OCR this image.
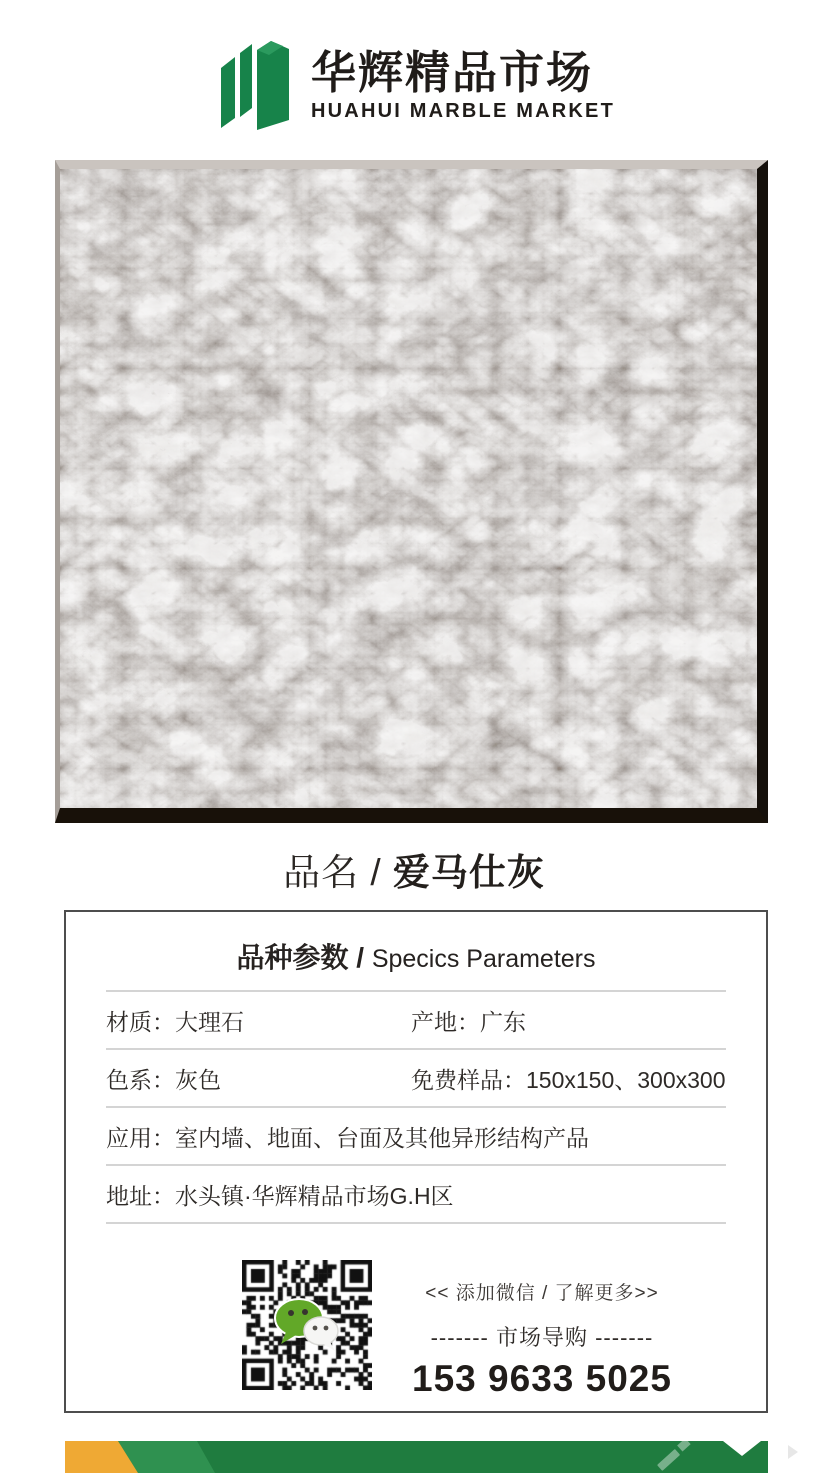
华辉精品市场
HUAHUI MARBLE MARKET
品名 / 爱马仕灰
品种参数 / Specics Parameters
材质：大理石	产地：广东
色系：灰色	免费样品：150x150、300x300
应用：室内墙、地面、台面及其他异形结构产品
地址：水头镇·华辉精品市场G.H区
<< 添加微信 / 了解更多>>
------- 市场导购 -------
153 9633 5025
